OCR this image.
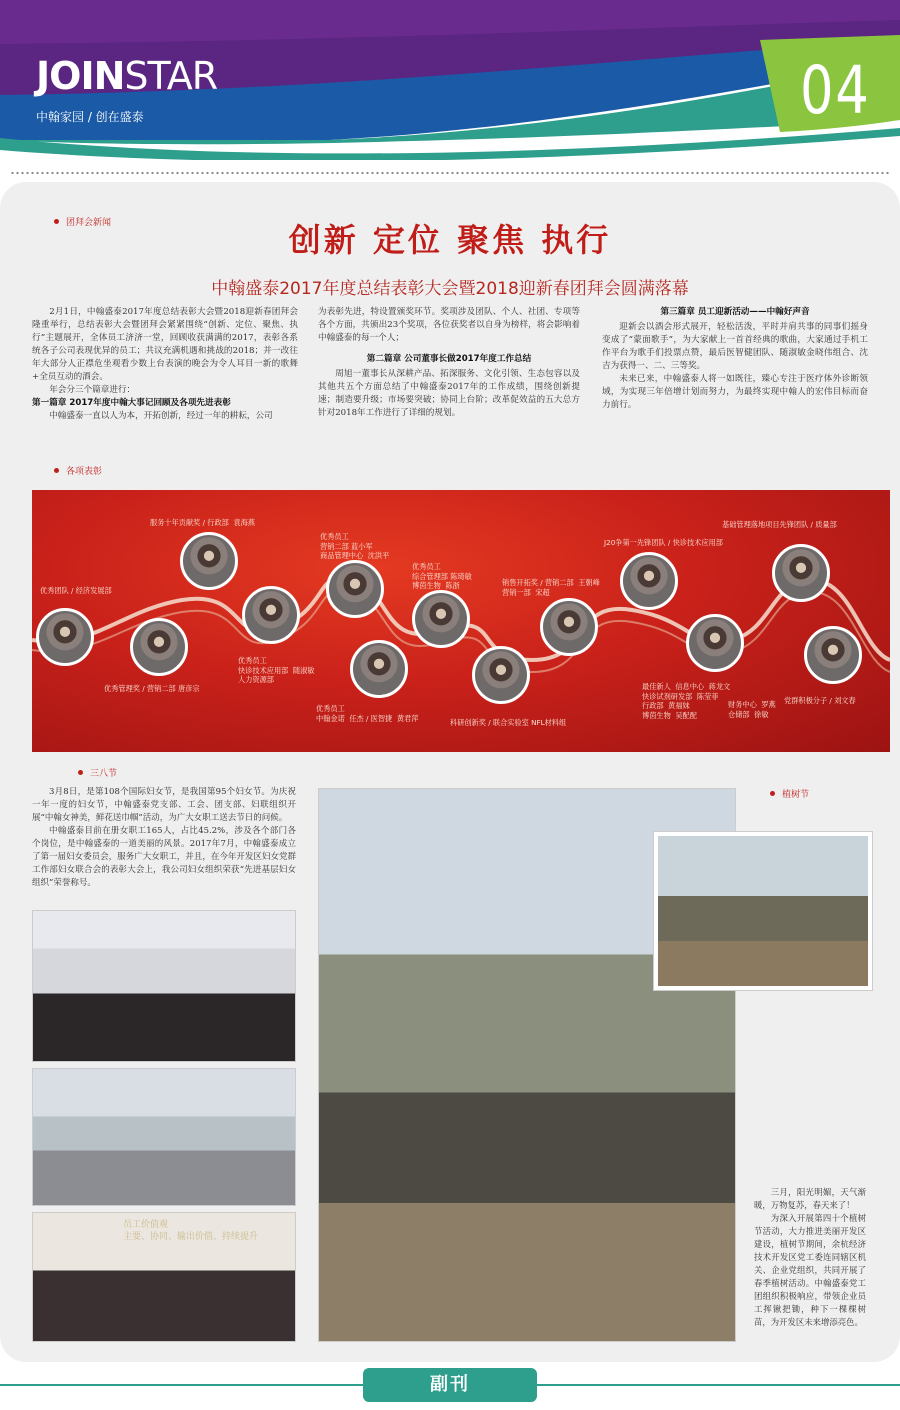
JOINSTAR
中翰家园 / 创在盛泰	04
团拜会新闻	创新 定位 聚焦 执行
中翰盛泰2017年度总结表彰大会暨2018迎新春团拜会圆满落幕

2月1日，中翰盛泰2017年度总结表彰大会暨2018迎新春团拜会隆重举行，总结表彰大会暨团拜会紧紧围绕“创新、定位、聚焦、执行”主题展开，全体员工济济一堂，回顾收获满满的2017，表彰各系统各子公司表现优异的员工；共议充满机遇和挑战的2018；并一改往年大部分人正襟危坐观看少数上台表演的晚会为令人耳目一新的歌舞+全员互动的酒会。

年会分三个篇章进行：

第一篇章 2017年度中翰大事记回顾及各项先进表彰

中翰盛泰一直以人为本，开拓创新，经过一年的耕耘，公司

为表彰先进，特设置颁奖环节。奖项涉及团队、个人、社团、专项等各个方面，共颁出23个奖项，各位获奖者以自身为榜样，将会影响着中翰盛泰的每一个人；

第二篇章 公司董事长做2017年度工作总结

周旭一董事长从深耕产品、拓深服务、文化引领、生态包容以及其他共五个方面总结了中翰盛泰2017年的工作成绩，围绕创新提速；制造要升级；市场要突破；协同上台阶；改革促效益的五大总方针对2018年工作进行了详细的规划。

第三篇章 员工迎新活动——中翰好声音

迎新会以酒会形式展开，轻松活泼，平时并肩共事的同事们摇身变成了“蒙面歌手”，为大家献上一首首经典的歌曲，大家通过手机工作平台为歌手们投票点赞，最后医智健团队、随淑敏金晓伟组合、沈吉为获得一、二、三等奖。

未来已来，中翰盛泰人将一如既往，臻心专注于医疗体外诊断领域，为实现三年倍增计划而努力，为最终实现中翰人的宏伟目标而奋力前行。

各项表彰
优秀团队 / 经济发展部
服务十年贡献奖 / 行政部  袁海燕
优秀管理奖 / 营销二部 唐彦宗
优秀员工
快诊技术应用部  随淑敏
人力资源部
优秀员工
营销二部 蓝小军
商品管理中心  沈洪平
优秀员工
中翰金诺  任杰 / 医智捷  黄君萍
优秀员工
综合管理部 陈琦敏
博茵生物  陈浙
科研创新奖 / 联合实验室 NFL材料组
销售开拓奖 / 营销二部  王朝峰
营销一部  宋超
J20争第一先锋团队 / 快诊技术应用部
最佳新人  信息中心  蒋龙文
快诊试剂研发部  陈莹菲
行政部  黄福妹
博茵生物  吴配配
财务中心  罗燕
仓储部  徐敏
基础管理落地项目先锋团队 / 质量部
党群积极分子 / 刘文春
三八节

3月8日，是第108个国际妇女节，是我国第95个妇女节。为庆祝一年一度的妇女节，中翰盛泰党支部、工会、团支部、妇联组织开展“中翰女神美，鲜花送巾帼”活动，为广大女职工送去节日的问候。

中翰盛泰目前在册女职工165人，占比45.2%，涉及各个部门各个岗位，是中翰盛泰的一道美丽的风景。2017年7月，中翰盛泰成立了第一届妇女委员会，服务广大女职工，并且，在今年开发区妇女党群工作部妇女联合会的表彰大会上，我公司妇女组织荣获“先进基层妇女组织”荣誉称号。

员工价值观
主要、协同、输出价值、持续提升
植树节

三月，阳光明媚，天气渐暖，万物复苏，春天来了！

为深入开展第四十个植树节活动，大力推进美丽开发区建设，植树节期间，余杭经济技术开发区党工委连同辖区机关、企业党组织，共同开展了春季植树活动。中翰盛泰党工团组织积极响应，带领企业员工挥锹把锄，种下一棵棵树苗，为开发区未来增添亮色。

副刊
